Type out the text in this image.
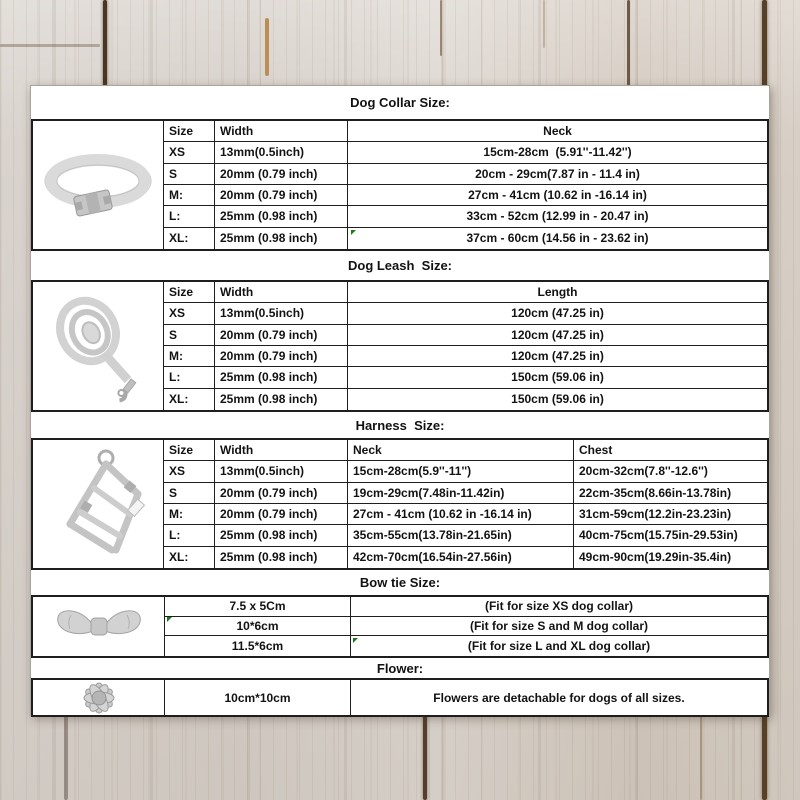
Dog Collar Size:
Size	Width	Neck
XS	13mm(0.5inch)	15cm-28cm  (5.91''-11.42'')
S	20mm (0.79 inch)	20cm - 29cm(7.87 in - 11.4 in)
M:	20mm (0.79 inch)	27cm - 41cm (10.62 in -16.14 in)
L:	25mm (0.98 inch)	33cm - 52cm (12.99 in - 20.47 in)
XL:	25mm (0.98 inch)	37cm - 60cm (14.56 in - 23.62 in)
Dog Leash  Size:
Size	Width	Length
XS	13mm(0.5inch)	120cm (47.25 in)
S	20mm (0.79 inch)	120cm (47.25 in)
M:	20mm (0.79 inch)	120cm (47.25 in)
L:	25mm (0.98 inch)	150cm (59.06 in)
XL:	25mm (0.98 inch)	150cm (59.06 in)
Harness  Size:
Size	Width	Neck	Chest
XS	13mm(0.5inch)	15cm-28cm(5.9''-11'')	20cm-32cm(7.8''-12.6'')
S	20mm (0.79 inch)	19cm-29cm(7.48in-11.42in)	22cm-35cm(8.66in-13.78in)
M:	20mm (0.79 inch)	27cm - 41cm (10.62 in -16.14 in)	31cm-59cm(12.2in-23.23in)
L:	25mm (0.98 inch)	35cm-55cm(13.78in-21.65in)	40cm-75cm(15.75in-29.53in)
XL:	25mm (0.98 inch)	42cm-70cm(16.54in-27.56in)	49cm-90cm(19.29in-35.4in)
Bow tie Size:
7.5 x 5Cm	(Fit for size XS dog collar)
10*6cm	(Fit for size S and M dog collar)
11.5*6cm	(Fit for size L and XL dog collar)
Flower:
10cm*10cm	Flowers are detachable for dogs of all sizes.
